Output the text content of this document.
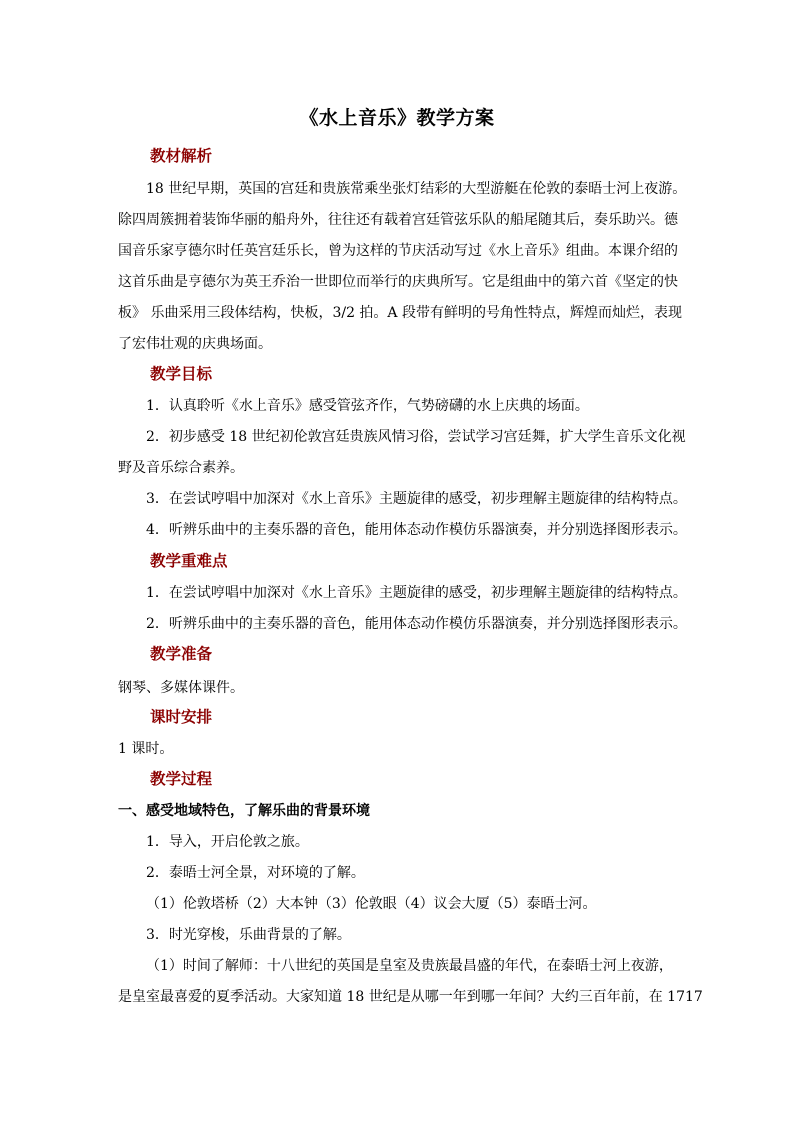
《水上音乐》教学方案
教材解析
18 世纪早期，英国的宫廷和贵族常乘坐张灯结彩的大型游艇在伦敦的泰晤士河上夜游。
除四周簇拥着装饰华丽的船舟外，往往还有载着宫廷管弦乐队的船尾随其后，奏乐助兴。德
国音乐家亨德尔时任英宫廷乐长，曾为这样的节庆活动写过《水上音乐》组曲。本课介绍的
这首乐曲是亨德尔为英王乔治一世即位而举行的庆典所写。它是组曲中的第六首《坚定的快
板》 乐曲采用三段体结构，快板，3/2 拍。A 段带有鲜明的号角性特点，辉煌而灿烂，表现
了宏伟壮观的庆典场面。
教学目标
1．认真聆听《水上音乐》感受管弦齐作，气势磅礴的水上庆典的场面。
2．初步感受 18 世纪初伦敦宫廷贵族风情习俗，尝试学习宫廷舞，扩大学生音乐文化视
野及音乐综合素养。
3．在尝试哼唱中加深对《水上音乐》主题旋律的感受，初步理解主题旋律的结构特点。
4．听辨乐曲中的主奏乐器的音色，能用体态动作模仿乐器演奏，并分别选择图形表示。
教学重难点
1．在尝试哼唱中加深对《水上音乐》主题旋律的感受，初步理解主题旋律的结构特点。
2．听辨乐曲中的主奏乐器的音色，能用体态动作模仿乐器演奏，并分别选择图形表示。
教学准备
钢琴、多媒体课件。
课时安排
1 课时。
教学过程
一、感受地域特色，了解乐曲的背景环境
1．导入，开启伦敦之旅。
2．泰晤士河全景，对环境的了解。
（1）伦敦塔桥（2）大本钟（3）伦敦眼（4）议会大厦（5）泰晤士河。
3．时光穿梭，乐曲背景的了解。
（1）时间了解师：十八世纪的英国是皇室及贵族最昌盛的年代，在泰晤士河上夜游，
是皇室最喜爱的夏季活动。大家知道 18 世纪是从哪一年到哪一年间？大约三百年前，在 1717
